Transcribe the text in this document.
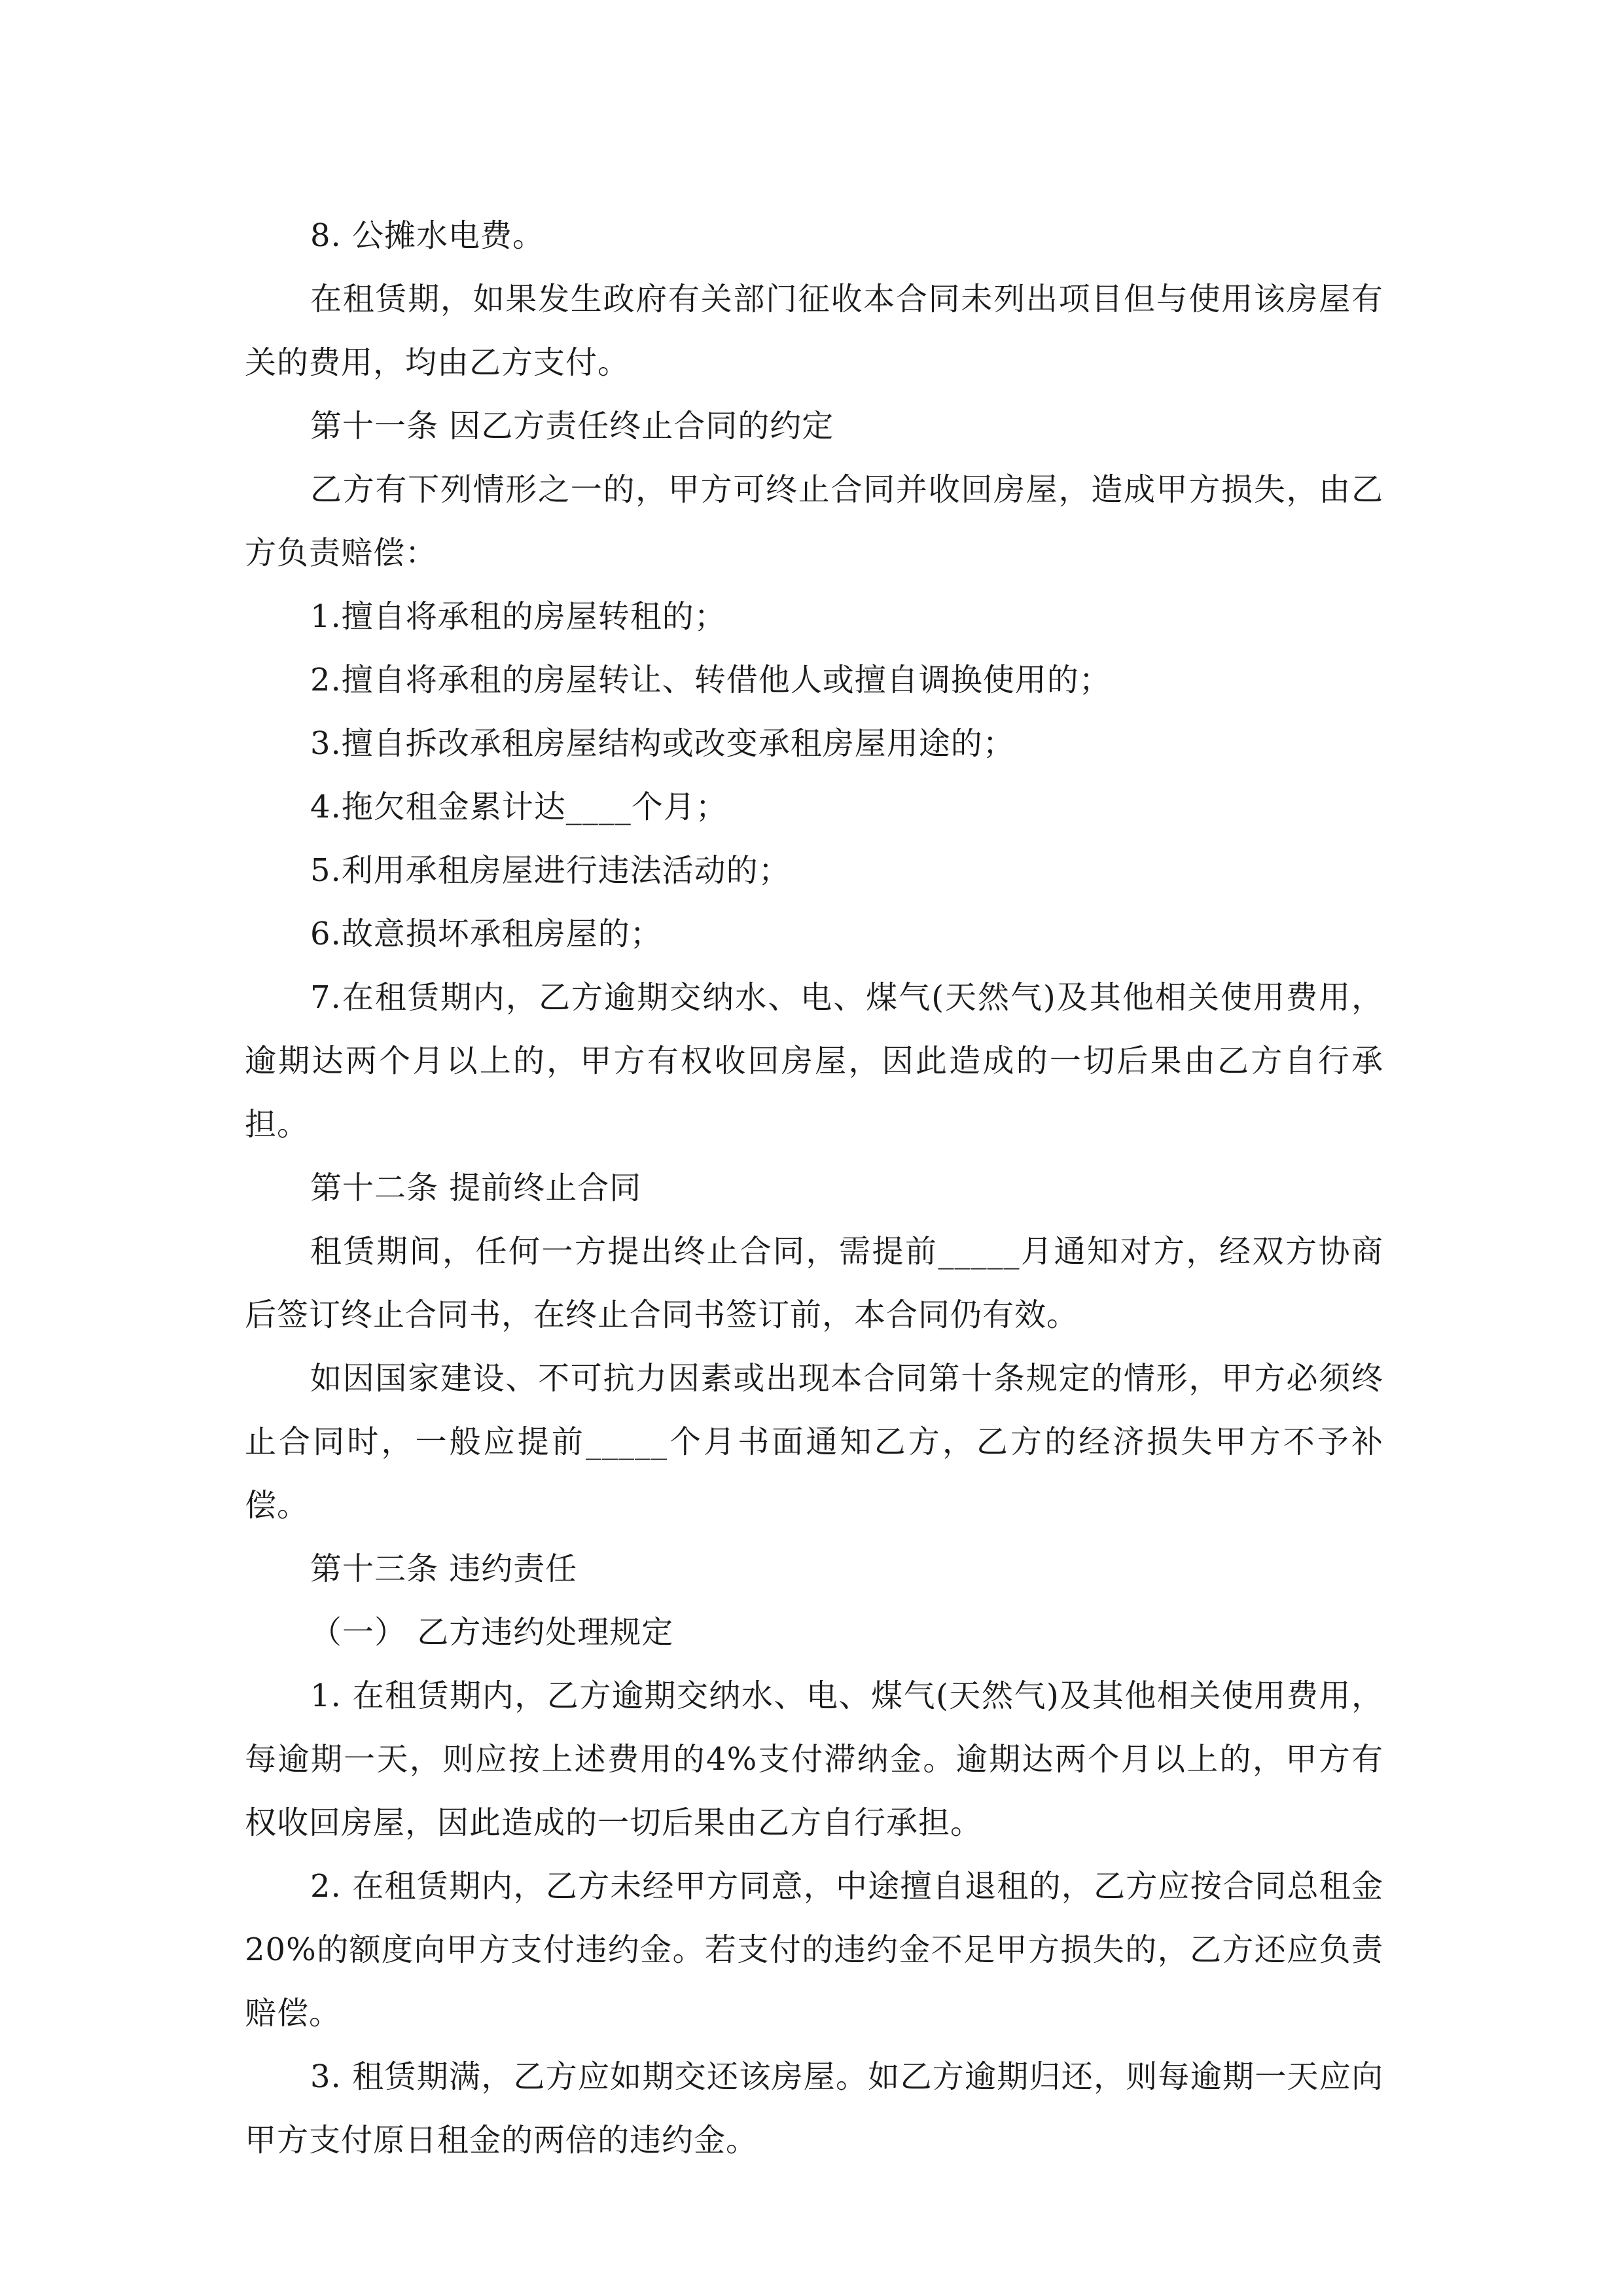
8. 公摊水电费。

在租赁期，如果发生政府有关部门征收本合同未列出项目但与使用该房屋有关的费用，均由乙方支付。

第十一条 因乙方责任终止合同的约定

乙方有下列情形之一的，甲方可终止合同并收回房屋，造成甲方损失，由乙方负责赔偿：

1.擅自将承租的房屋转租的；

2.擅自将承租的房屋转让、转借他人或擅自调换使用的；

3.擅自拆改承租房屋结构或改变承租房屋用途的；

4.拖欠租金累计达____个月；

5.利用承租房屋进行违法活动的；

6.故意损坏承租房屋的；

7.在租赁期内，乙方逾期交纳水、电、煤气(天然气)及其他相关使用费用，逾期达两个月以上的，甲方有权收回房屋，因此造成的一切后果由乙方自行承担。

第十二条 提前终止合同

租赁期间，任何一方提出终止合同，需提前_____月通知对方，经双方协商后签订终止合同书，在终止合同书签订前，本合同仍有效。

如因国家建设、不可抗力因素或出现本合同第十条规定的情形，甲方必须终止合同时，一般应提前_____个月书面通知乙方，乙方的经济损失甲方不予补偿。

第十三条 违约责任

（一） 乙方违约处理规定

1. 在租赁期内，乙方逾期交纳水、电、煤气(天然气)及其他相关使用费用，每逾期一天，则应按上述费用的4%支付滞纳金。逾期达两个月以上的，甲方有权收回房屋，因此造成的一切后果由乙方自行承担。

2. 在租赁期内，乙方未经甲方同意，中途擅自退租的，乙方应按合同总租金20%的额度向甲方支付违约金。若支付的违约金不足甲方损失的，乙方还应负责赔偿。

3. 租赁期满，乙方应如期交还该房屋。如乙方逾期归还，则每逾期一天应向甲方支付原日租金的两倍的违约金。
